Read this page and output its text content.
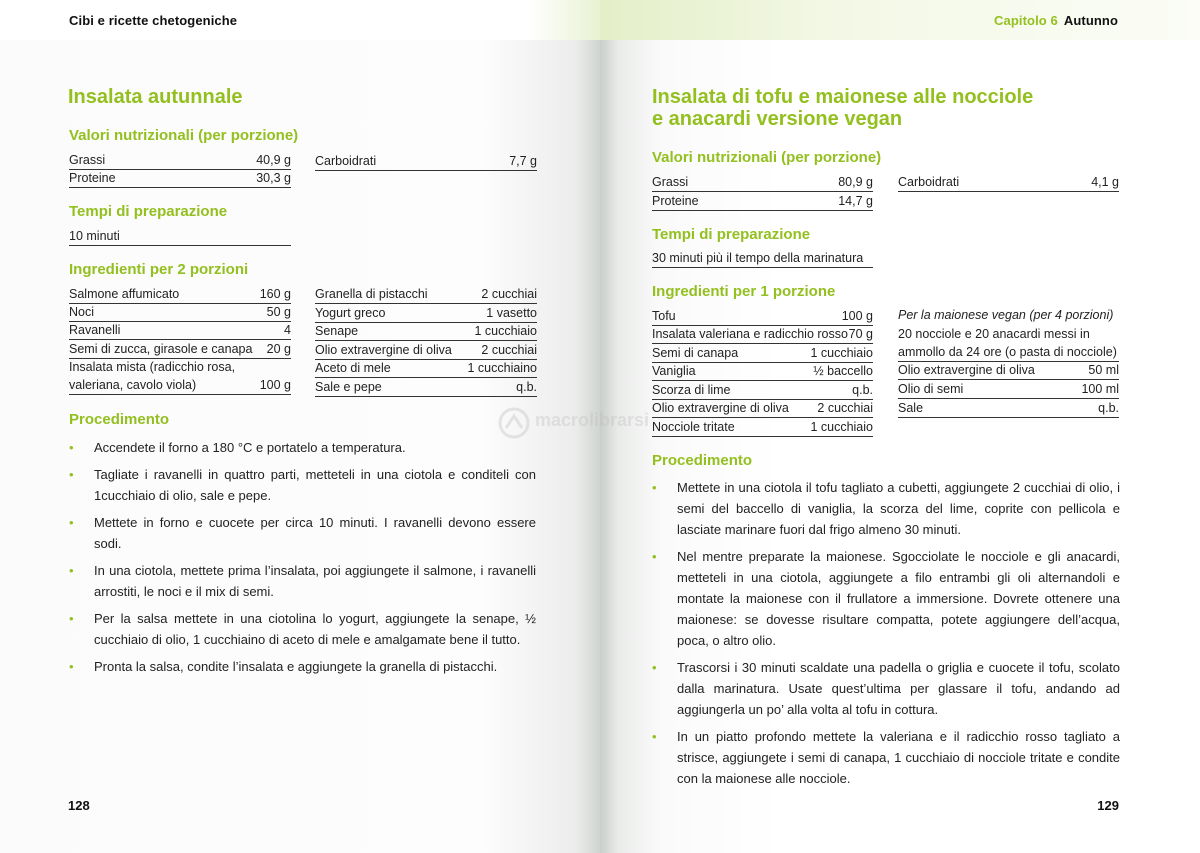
Cibi e ricette chetogeniche
Insalata autunnale
Valori nutrizionali (per porzione)
Grassi	40,9 g
Proteine	30,3 g
Carboidrati	7,7 g
Tempi di preparazione
10 minuti
Ingredienti per 2 porzioni
Salmone affumicato	160 g
Noci	50 g
Ravanelli	4
Semi di zucca, girasole e canapa 20 g
Insalata mista (radicchio rosa,
valeriana, cavolo viola)	100 g
Granella di pistacchi	2 cucchiai
Yogurt greco	1 vasetto
Senape	1 cucchiaio
Olio extravergine di oliva 2 cucchiai
Aceto di mele	1 cucchiaino
Sale e pepe	q.b.
Procedimento
• Accendete il forno a 180 °C e portatelo a temperatura.
• Tagliate i ravanelli in quattro parti, metteteli in una ciotola e conditeli con 1cucchiaio di olio, sale e pepe.
• Mettete in forno e cuocete per circa 10 minuti. I ravanelli devono essere sodi.
• In una ciotola, mettete prima l’insalata, poi aggiungete il salmone, i ravanelli arrostiti, le noci e il mix di semi.
• Per la salsa mettete in una ciotolina lo yogurt, aggiungete la senape, ½ cucchiaio di olio, 1 cucchiaino di aceto di mele e amalgamate bene il tutto.
• Pronta la salsa, condite l’insalata e aggiungete la granella di pistacchi.
128
Capitolo 6 Autunno
Insalata di tofu e maionese alle nocciole
e anacardi versione vegan
Valori nutrizionali (per porzione)
Grassi	80,9 g
Proteine	14,7 g
Carboidrati	4,1 g
Tempi di preparazione
30 minuti più il tempo della marinatura
Ingredienti per 1 porzione
Tofu	100 g
Insalata valeriana e radicchio rosso 70 g
Semi di canapa	1 cucchiaio
Vaniglia	½ baccello
Scorza di lime	q.b.
Olio extravergine di oliva 2 cucchiai
Nocciole tritate	1 cucchiaio
Per la maionese vegan (per 4 porzioni)
20 nocciole e 20 anacardi messi in
ammollo da 24 ore (o pasta di nocciole)
Olio extravergine di oliva	50 ml
Olio di semi	100 ml
Sale	q.b.
Procedimento
• Mettete in una ciotola il tofu tagliato a cubetti, aggiungete 2 cucchiai di olio, i semi del baccello di vaniglia, la scorza del lime, coprite con pellicola e lasciate marinare fuori dal frigo almeno 30 minuti.
• Nel mentre preparate la maionese. Sgocciolate le nocciole e gli anacardi, metteteli in una ciotola, aggiungete a filo entrambi gli oli alternandoli e montate la maionese con il frullatore a immersione. Dovrete ottenere una maionese: se dovesse risultare compatta, potete aggiungere dell’acqua, poca, o altro olio.
• Trascorsi i 30 minuti scaldate una padella o griglia e cuocete il tofu, scolato dalla marinatura. Usate quest’ultima per glassare il tofu, andando ad aggiungerla un po’ alla volta al tofu in cottura.
• In un piatto profondo mettete la valeriana e il radicchio rosso tagliato a strisce, aggiungete i semi di canapa, 1 cucchiaio di nocciole tritate e condite con la maionese alle nocciole.
129
macrolibrarsi
